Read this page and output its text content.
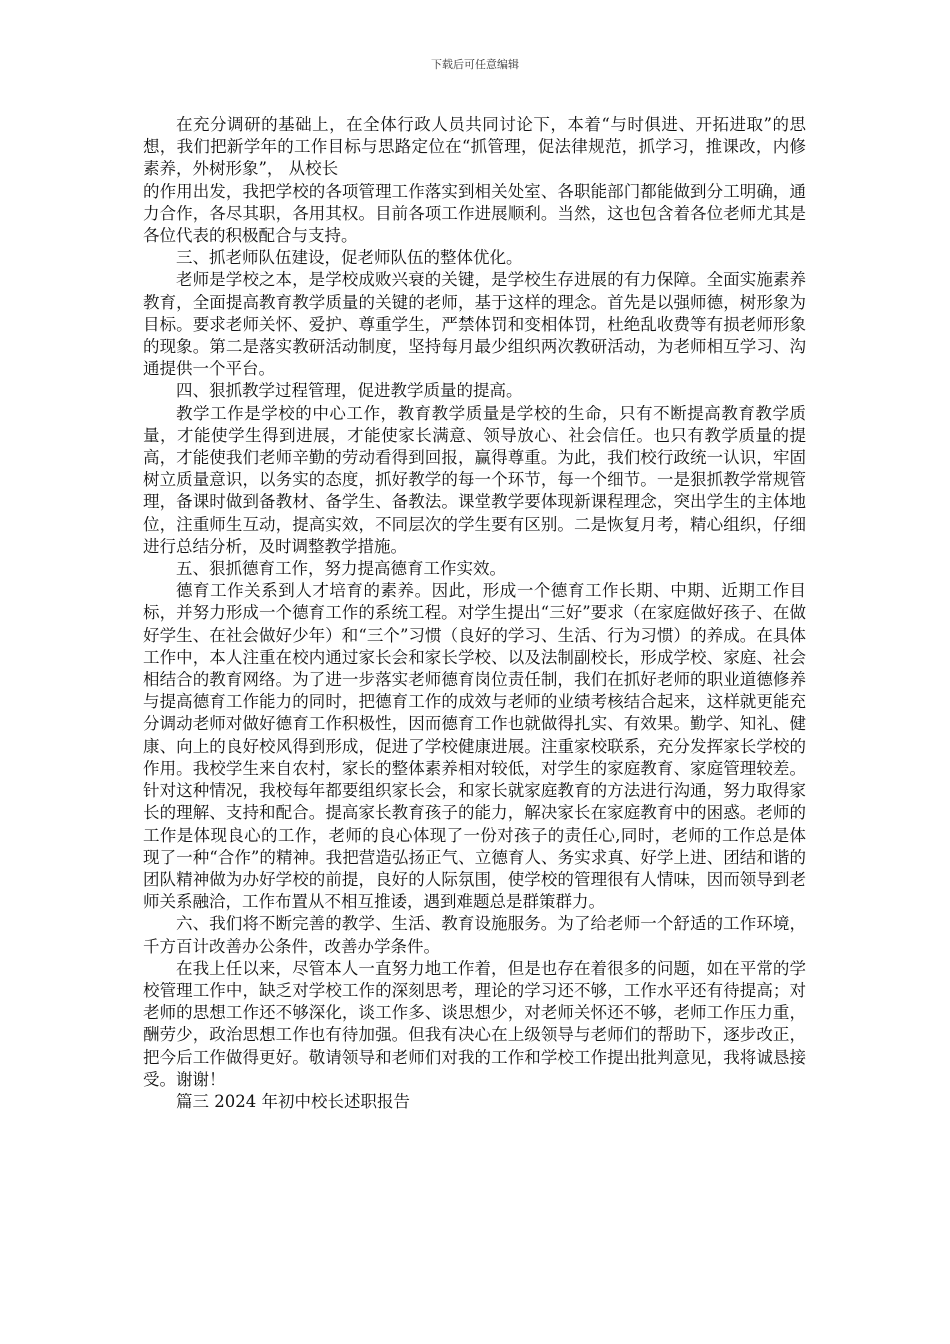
下载后可任意编辑

在充分调研的基础上，在全体行政人员共同讨论下，本着“与时俱进、开拓进取”的思想，我们把新学年的工作目标与思路定位在“抓管理，促法律规范，抓学习，推课改，内修素养，外树形象”， 从校长

的作用出发，我把学校的各项管理工作落实到相关处室、各职能部门都能做到分工明确，通力合作，各尽其职，各用其权。目前各项工作进展顺利。当然，这也包含着各位老师尤其是各位代表的积极配合与支持。

三、抓老师队伍建设，促老师队伍的整体优化。

老师是学校之本，是学校成败兴衰的关键，是学校生存进展的有力保障。全面实施素养教育，全面提高教育教学质量的关键的老师，基于这样的理念。首先是以强师德，树形象为目标。要求老师关怀、爱护、尊重学生，严禁体罚和变相体罚，杜绝乱收费等有损老师形象的现象。第二是落实教研活动制度，坚持每月最少组织两次教研活动，为老师相互学习、沟通提供一个平台。

四、狠抓教学过程管理，促进教学质量的提高。

教学工作是学校的中心工作，教育教学质量是学校的生命，只有不断提高教育教学质量，才能使学生得到进展，才能使家长满意、领导放心、社会信任。也只有教学质量的提高，才能使我们老师辛勤的劳动看得到回报，赢得尊重。为此，我们校行政统一认识，牢固树立质量意识，以务实的态度，抓好教学的每一个环节，每一个细节。一是狠抓教学常规管理，备课时做到备教材、备学生、备教法。课堂教学要体现新课程理念，突出学生的主体地位，注重师生互动，提高实效，不同层次的学生要有区别。二是恢复月考，精心组织，仔细进行总结分析，及时调整教学措施。

五、狠抓德育工作，努力提高德育工作实效。

德育工作关系到人才培育的素养。因此，形成一个德育工作长期、中期、近期工作目标，并努力形成一个德育工作的系统工程。对学生提出“三好”要求（在家庭做好孩子、在做好学生、在社会做好少年）和“三个”习惯（良好的学习、生活、行为习惯）的养成。在具体工作中，本人注重在校内通过家长会和家长学校、以及法制副校长，形成学校、家庭、社会相结合的教育网络。为了进一步落实老师德育岗位责任制，我们在抓好老师的职业道德修养与提高德育工作能力的同时，把德育工作的成效与老师的业绩考核结合起来，这样就更能充分调动老师对做好德育工作积极性，因而德育工作也就做得扎实、有效果。勤学、知礼、健康、向上的良好校风得到形成，促进了学校健康进展。注重家校联系，充分发挥家长学校的作用。我校学生来自农村，家长的整体素养相对较低，对学生的家庭教育、家庭管理较差。针对这种情况，我校每年都要组织家长会，和家长就家庭教育的方法进行沟通，努力取得家长的理解、支持和配合。提高家长教育孩子的能力，解决家长在家庭教育中的困惑。老师的工作是体现良心的工作，老师的良心体现了一份对孩子的责任心,同时，老师的工作总是体现了一种“合作”的精神。我把营造弘扬正气、立德育人、务实求真、好学上进、团结和谐的团队精神做为办好学校的前提，良好的人际氛围，使学校的管理很有人情味，因而领导到老师关系融洽，工作布置从不相互推诿，遇到难题总是群策群力。

六、我们将不断完善的教学、生活、教育设施服务。为了给老师一个舒适的工作环境，千方百计改善办公条件，改善办学条件。

在我上任以来，尽管本人一直努力地工作着，但是也存在着很多的问题，如在平常的学校管理工作中，缺乏对学校工作的深刻思考，理论的学习还不够，工作水平还有待提高；对老师的思想工作还不够深化，谈工作多、谈思想少，对老师关怀还不够，老师工作压力重，酬劳少，政治思想工作也有待加强。但我有决心在上级领导与老师们的帮助下，逐步改正，把今后工作做得更好。敬请领导和老师们对我的工作和学校工作提出批判意见，我将诚恳接受。谢谢！

篇三 2024 年初中校长述职报告
